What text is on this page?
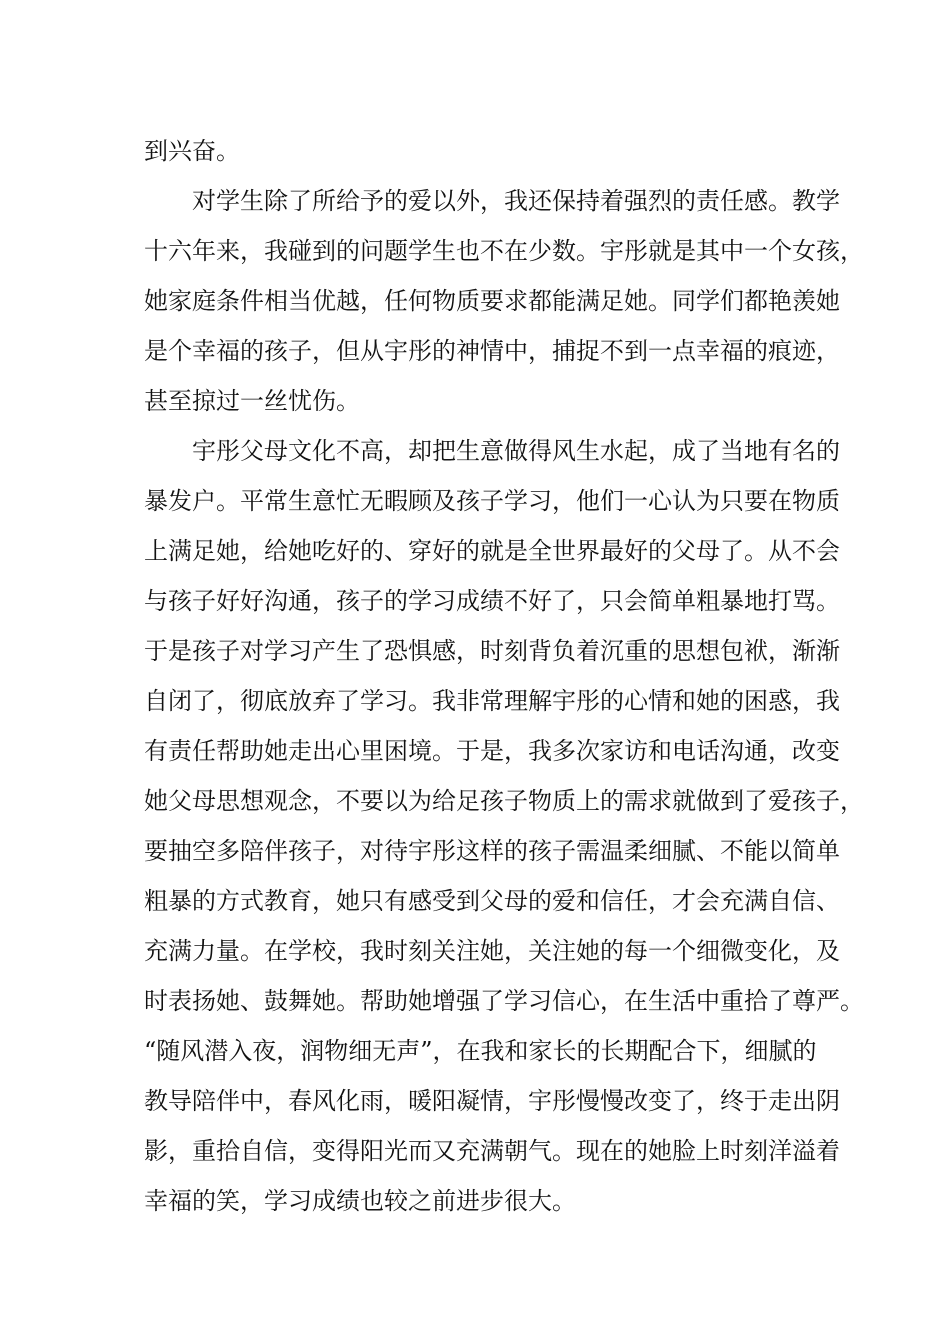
到兴奋。
对学生除了所给予的爱以外，我还保持着强烈的责任感。教学
十六年来，我碰到的问题学生也不在少数。宇彤就是其中一个女孩，
她家庭条件相当优越，任何物质要求都能满足她。同学们都艳羡她
是个幸福的孩子，但从宇彤的神情中，捕捉不到一点幸福的痕迹，
甚至掠过一丝忧伤。
宇彤父母文化不高，却把生意做得风生水起，成了当地有名的
暴发户。平常生意忙无暇顾及孩子学习，他们一心认为只要在物质
上满足她，给她吃好的、穿好的就是全世界最好的父母了。从不会
与孩子好好沟通，孩子的学习成绩不好了，只会简单粗暴地打骂。
于是孩子对学习产生了恐惧感，时刻背负着沉重的思想包袱，渐渐
自闭了，彻底放弃了学习。我非常理解宇彤的心情和她的困惑，我
有责任帮助她走出心里困境。于是，我多次家访和电话沟通，改变
她父母思想观念，不要以为给足孩子物质上的需求就做到了爱孩子，
要抽空多陪伴孩子，对待宇彤这样的孩子需温柔细腻、不能以简单
粗暴的方式教育，她只有感受到父母的爱和信任，才会充满自信、
充满力量。在学校，我时刻关注她，关注她的每一个细微变化，及
时表扬她、鼓舞她。帮助她增强了学习信心，在生活中重拾了尊严。
“随风潜入夜，润物细无声”，在我和家长的长期配合下，细腻的
教导陪伴中，春风化雨，暖阳凝情，宇彤慢慢改变了，终于走出阴
影，重拾自信，变得阳光而又充满朝气。现在的她脸上时刻洋溢着
幸福的笑，学习成绩也较之前进步很大。
